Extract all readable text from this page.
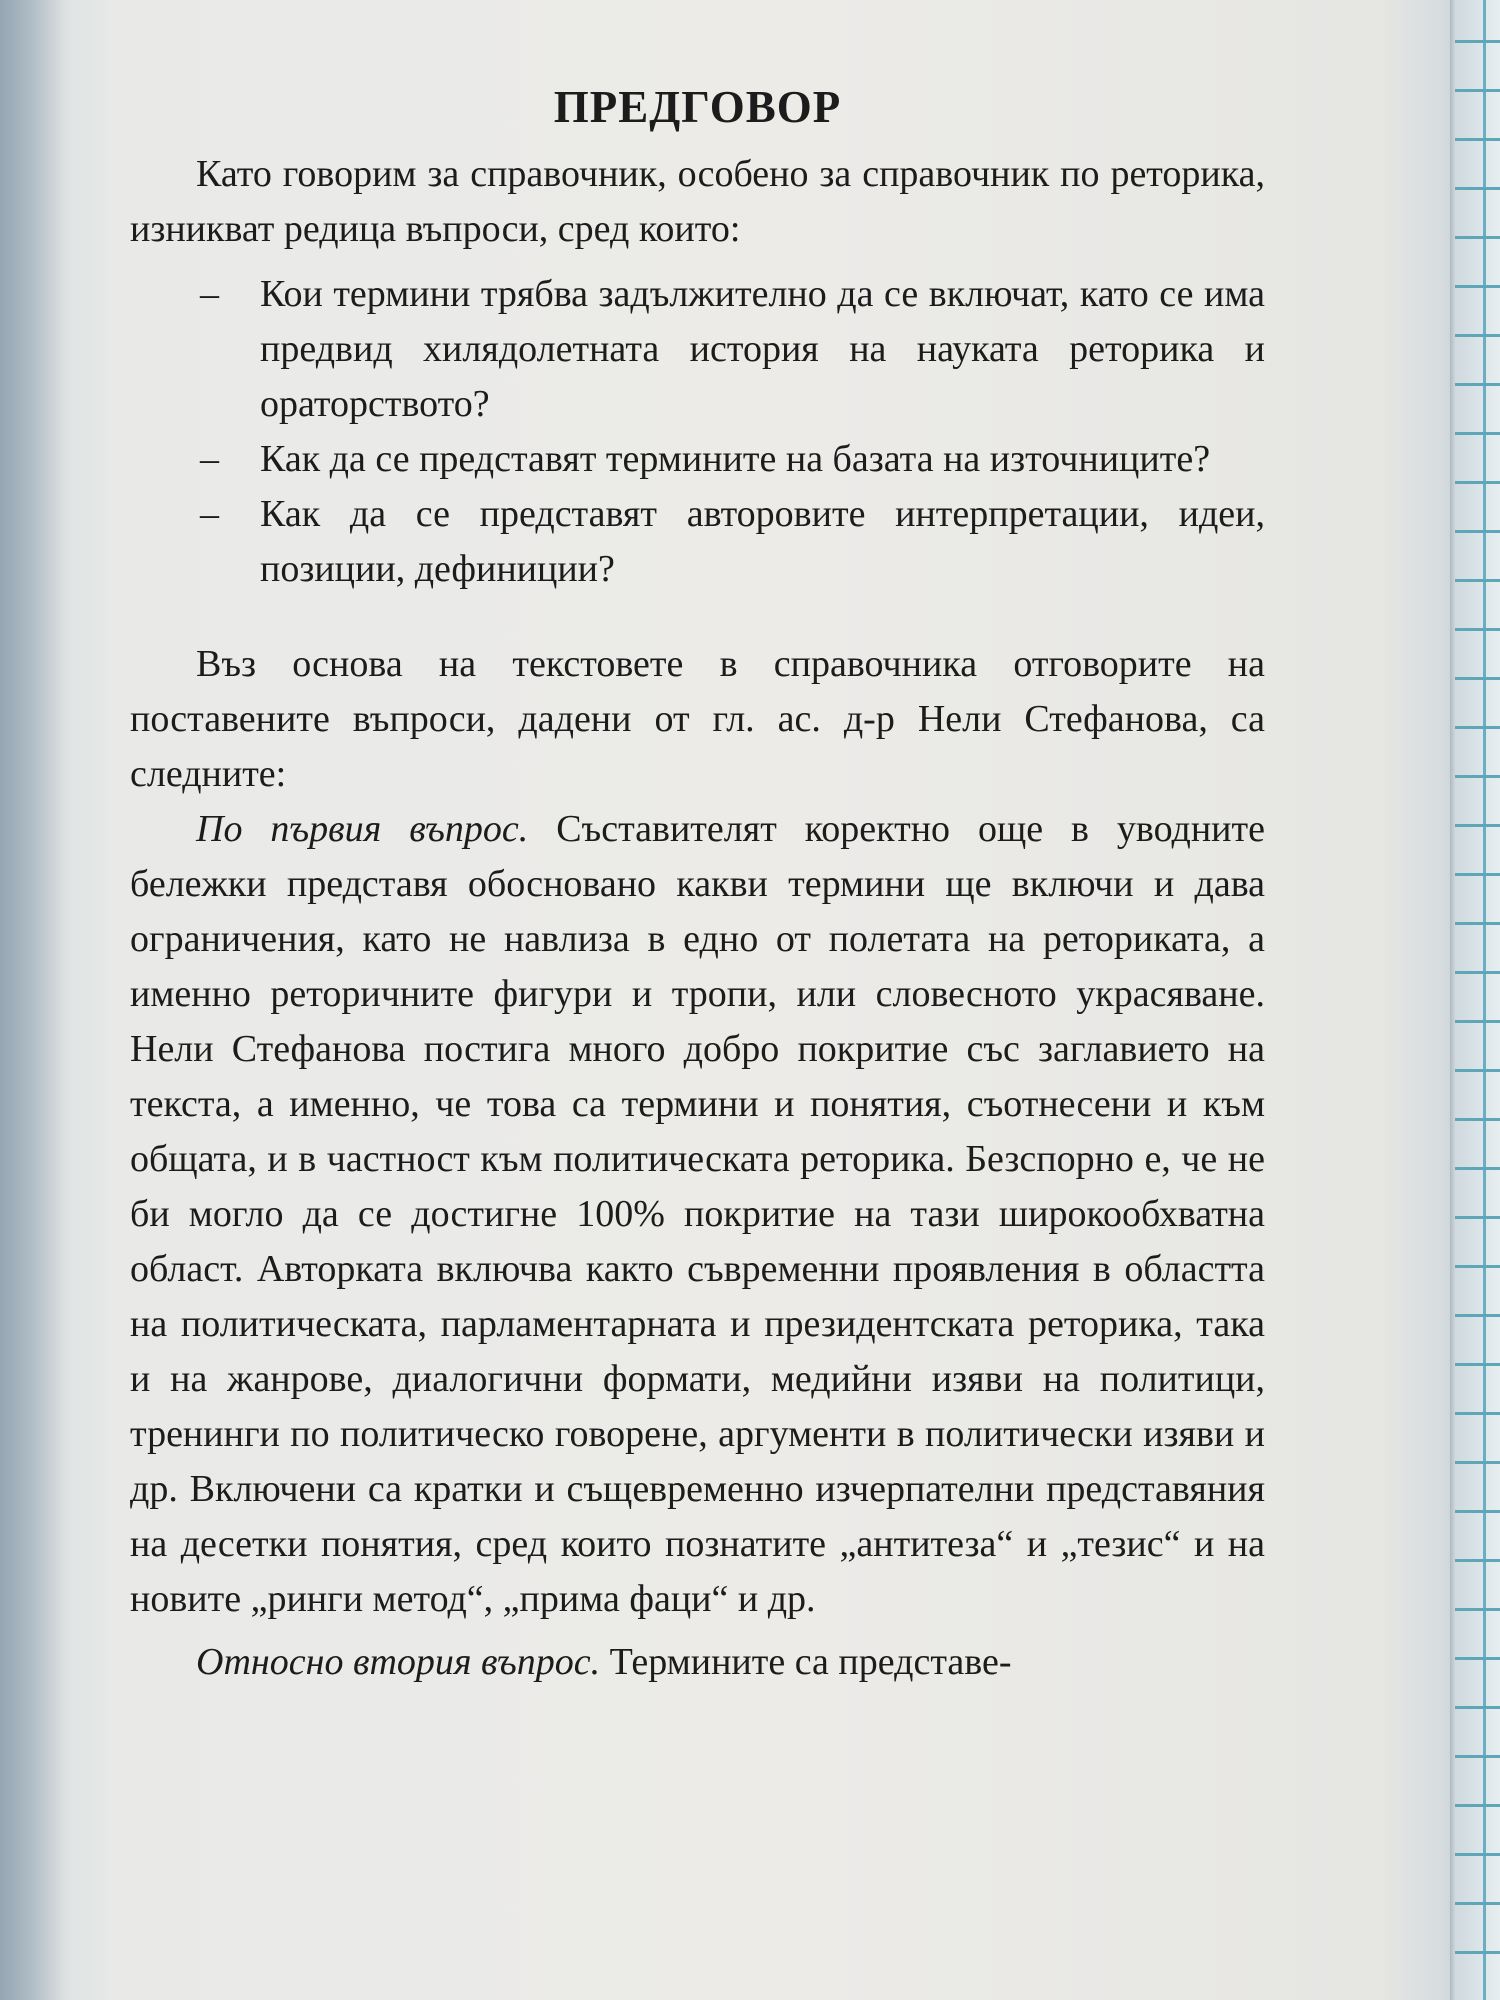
ПРЕДГОВОР

Като говорим за справочник, особено за справочник по реторика, изникват редица въпроси, сред които:

– Кои термини трябва задължително да се включат, като се има предвид хилядолетната история на науката реторика и ораторството?
– Как да се представят термините на базата на източниците?
– Как да се представят авторовите интерпретации, идеи, позиции, дефиниции?

Въз основа на текстовете в справочника отговорите на поставените въпроси, дадени от гл. ас. д-р Нели Стефанова, са следните:

По първия въпрос. Съставителят коректно още в уводните бележки представя обосновано какви термини ще включи и дава ограничения, като не навлиза в едно от полетата на реториката, а именно реторичните фигури и тропи, или словесното украсяване. Нели Стефанова постига много добро покритие със заглавието на текста, а именно, че това са термини и понятия, съотнесени и към общата, и в частност към политическата реторика. Безспорно е, че не би могло да се достигне 100% покритие на тази широкообхватна област. Авторката включва както съвременни проявления в областта на политическата, парламентарната и президентската реторика, така и на жанрове, диалогични формати, медийни изяви на политици, тренинги по политическо говорене, аргументи в политически изяви и др. Включени са кратки и същевременно изчерпателни представяния на десетки понятия, сред които познатите „антитеза“ и „тезис“ и на новите „ринги метод“, „прима фаци“ и др.

Относно втория въпрос. Термините са представе-
